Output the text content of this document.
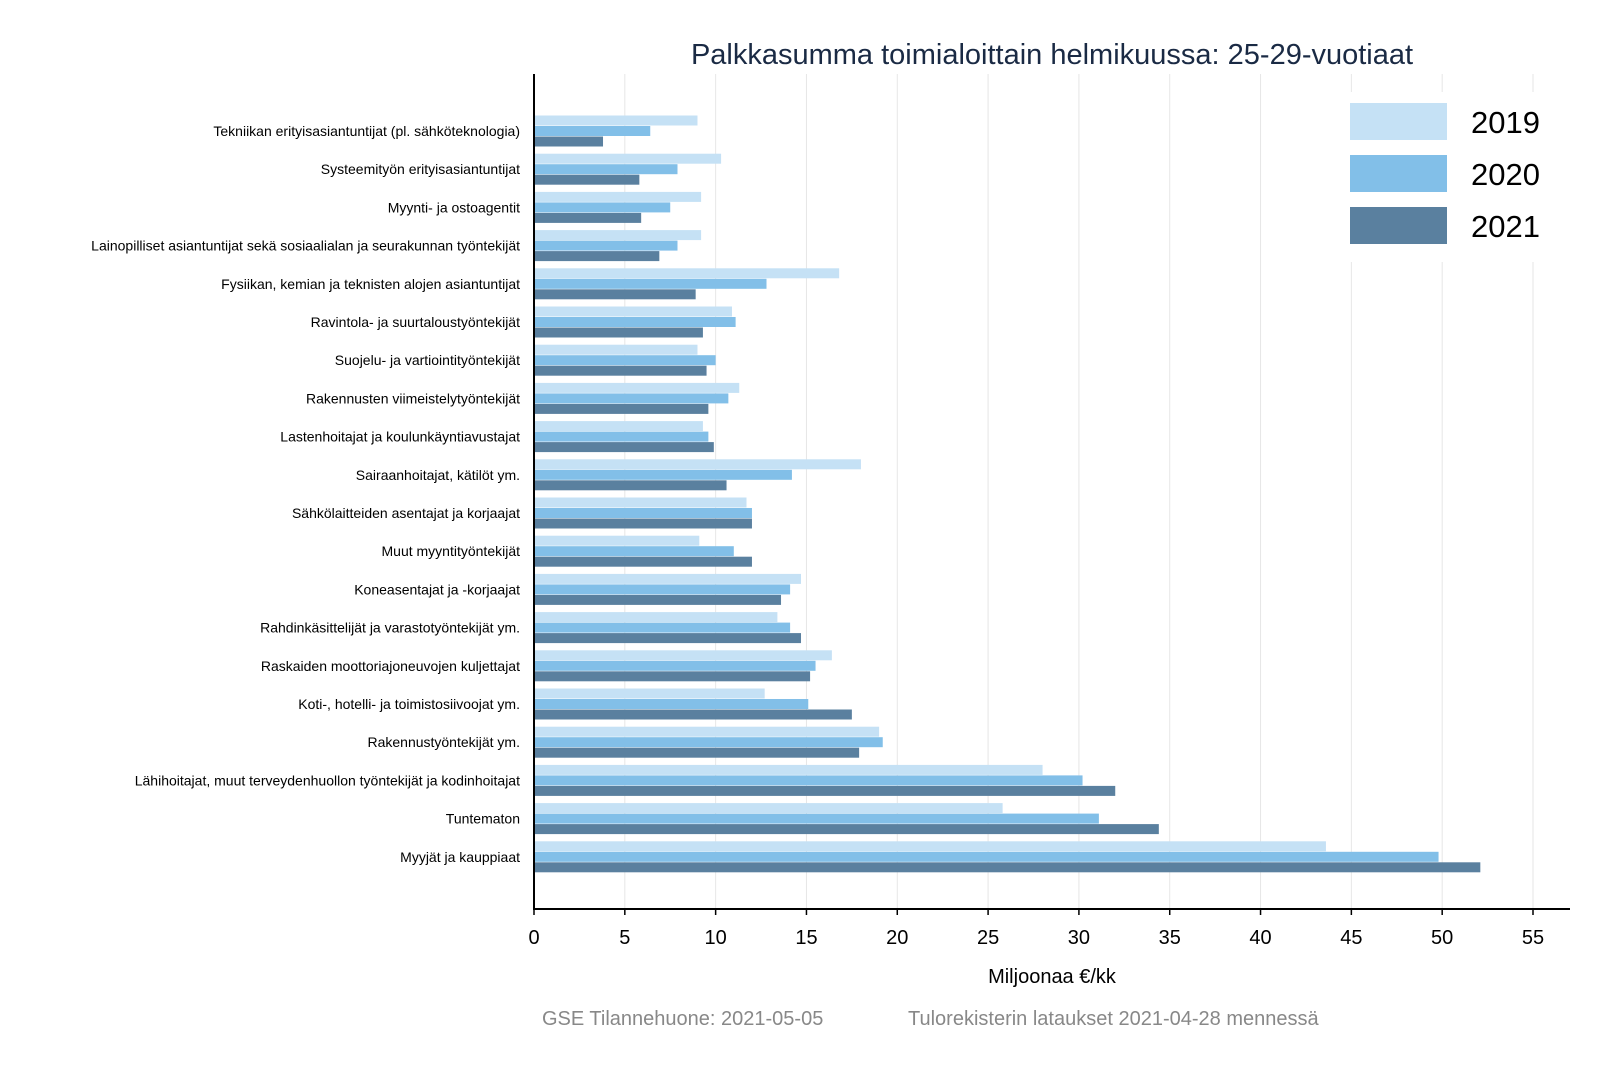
Tekniikan erityisasiantuntijat (pl. sähköteknologia)
Systeemityön erityisasiantuntijat
Myynti- ja ostoagentit
Lainopilliset asiantuntijat sekä sosiaalialan ja seurakunnan työntekijät
Fysiikan, kemian ja teknisten alojen asiantuntijat
Ravintola- ja suurtaloustyöntekijät
Suojelu- ja vartiointityöntekijät
Rakennusten viimeistelytyöntekijät
Lastenhoitajat ja koulunkäyntiavustajat
Sairaanhoitajat, kätilöt ym.
Sähkölaitteiden asentajat ja korjaajat
Muut myyntityöntekijät
Koneasentajat ja -korjaajat
Rahdinkäsittelijät ja varastotyöntekijät ym.
Raskaiden moottoriajoneuvojen kuljettajat
Koti-, hotelli- ja toimistosiivoojat ym.
Rakennustyöntekijät ym.
Lähihoitajat, muut terveydenhuollon työntekijät ja kodinhoitajat
Tuntematon
Myyjät ja kauppiaat
0	5	10	15	20	25	30	35	40	45	50	55
Palkkasumma toimialoittain helmikuussa: 25-29-vuotiaat
Miljoonaa €/kk
2019
2020
2021
GSE Tilannehuone: 2021-05-05	Tulorekisterin lataukset 2021-04-28 mennessä
